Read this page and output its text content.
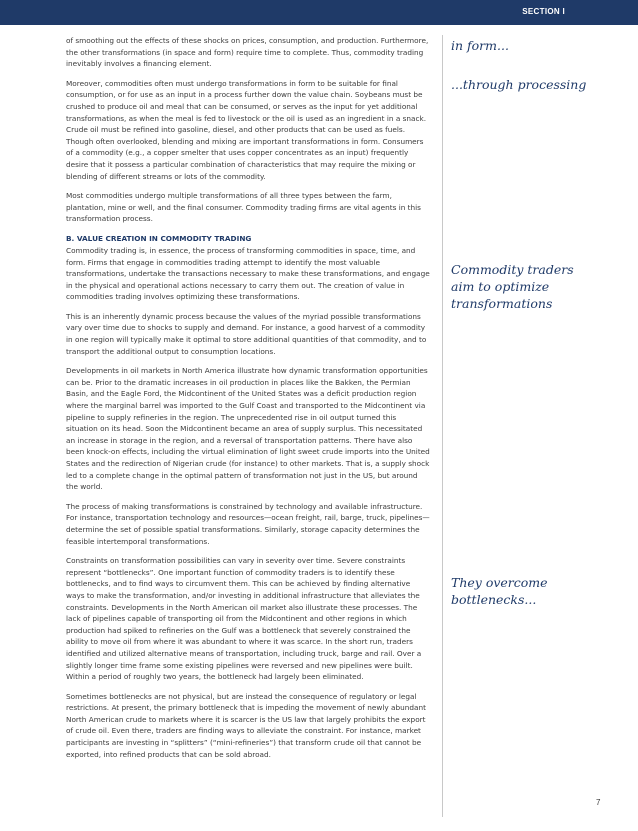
SECTION I

of smoothing out the effects of these shocks on prices, consumption, and production. Furthermore, the other transformations (in space and form) require time to complete. Thus, commodity trading inevitably involves a financing element.

Moreover, commodities often must undergo transformations in form to be suitable for final consumption, or for use as an input in a process further down the value chain. Soybeans must be crushed to produce oil and meal that can be consumed, or serves as the input for yet additional transformations, as when the meal is fed to livestock or the oil is used as an ingredient in a snack. Crude oil must be refined into gasoline, diesel, and other products that can be used as fuels. Though often overlooked, blending and mixing are important transformations in form. Consumers of a commodity (e.g., a copper smelter that uses copper concentrates as an input) frequently desire that it possess a particular combination of characteristics that may require the mixing or blending of different streams or lots of the commodity.

Most commodities undergo multiple transformations of all three types between the farm, plantation, mine or well, and the final consumer. Commodity trading firms are vital agents in this transformation process.

B. VALUE CREATION IN COMMODITY TRADING

Commodity trading is, in essence, the process of transforming commodities in space, time, and form. Firms that engage in commodities trading attempt to identify the most valuable transformations, undertake the transactions necessary to make these transformations, and engage in the physical and operational actions necessary to carry them out. The creation of value in commodities trading involves optimizing these transformations.

This is an inherently dynamic process because the values of the myriad possible transformations vary over time due to shocks to supply and demand. For instance, a good harvest of a commodity in one region will typically make it optimal to store additional quantities of that commodity, and to transport the additional output to consumption locations.

Developments in oil markets in North America illustrate how dynamic transformation opportunities can be. Prior to the dramatic increases in oil production in places like the Bakken, the Permian Basin, and the Eagle Ford, the Midcontinent of the United States was a deficit production region where the marginal barrel was imported to the Gulf Coast and transported to the Midcontinent via pipeline to supply refineries in the region. The unprecedented rise in oil output turned this situation on its head. Soon the Midcontinent became an area of supply surplus. This necessitated an increase in storage in the region, and a reversal of transportation patterns. There have also been knock-on effects, including the virtual elimination of light sweet crude imports into the United States and the redirection of Nigerian crude (for instance) to other markets. That is, a supply shock led to a complete change in the optimal pattern of transformation not just in the US, but around the world.

The process of making transformations is constrained by technology and available infrastructure. For instance, transportation technology and resources—ocean freight, rail, barge, truck, pipelines—determine the set of possible spatial transformations. Similarly, storage capacity determines the feasible intertemporal transformations.

Constraints on transformation possibilities can vary in severity over time. Severe constraints represent “bottlenecks”. One important function of commodity traders is to identify these bottlenecks, and to find ways to circumvent them. This can be achieved by finding alternative ways to make the transformation, and/or investing in additional infrastructure that alleviates the constraints. Developments in the North American oil market also illustrate these processes. The lack of pipelines capable of transporting oil from the Midcontinent and other regions in which production had spiked to refineries on the Gulf was a bottleneck that severely constrained the ability to move oil from where it was abundant to where it was scarce. In the short run, traders identified and utilized alternative means of transportation, including truck, barge and rail. Over a slightly longer time frame some existing pipelines were reversed and new pipelines were built. Within a period of roughly two years, the bottleneck had largely been eliminated.

Sometimes bottlenecks are not physical, but are instead the consequence of regulatory or legal restrictions. At present, the primary bottleneck that is impeding the movement of newly abundant North American crude to markets where it is scarcer is the US law that largely prohibits the export of crude oil. Even there, traders are finding ways to alleviate the constraint. For instance, market participants are investing in “splitters” (“mini-refineries”) that transform crude oil that cannot be exported, into refined products that can be sold abroad.

in form...
...through processing
Commodity traders aim to optimize transformations
They overcome bottlenecks...
7
